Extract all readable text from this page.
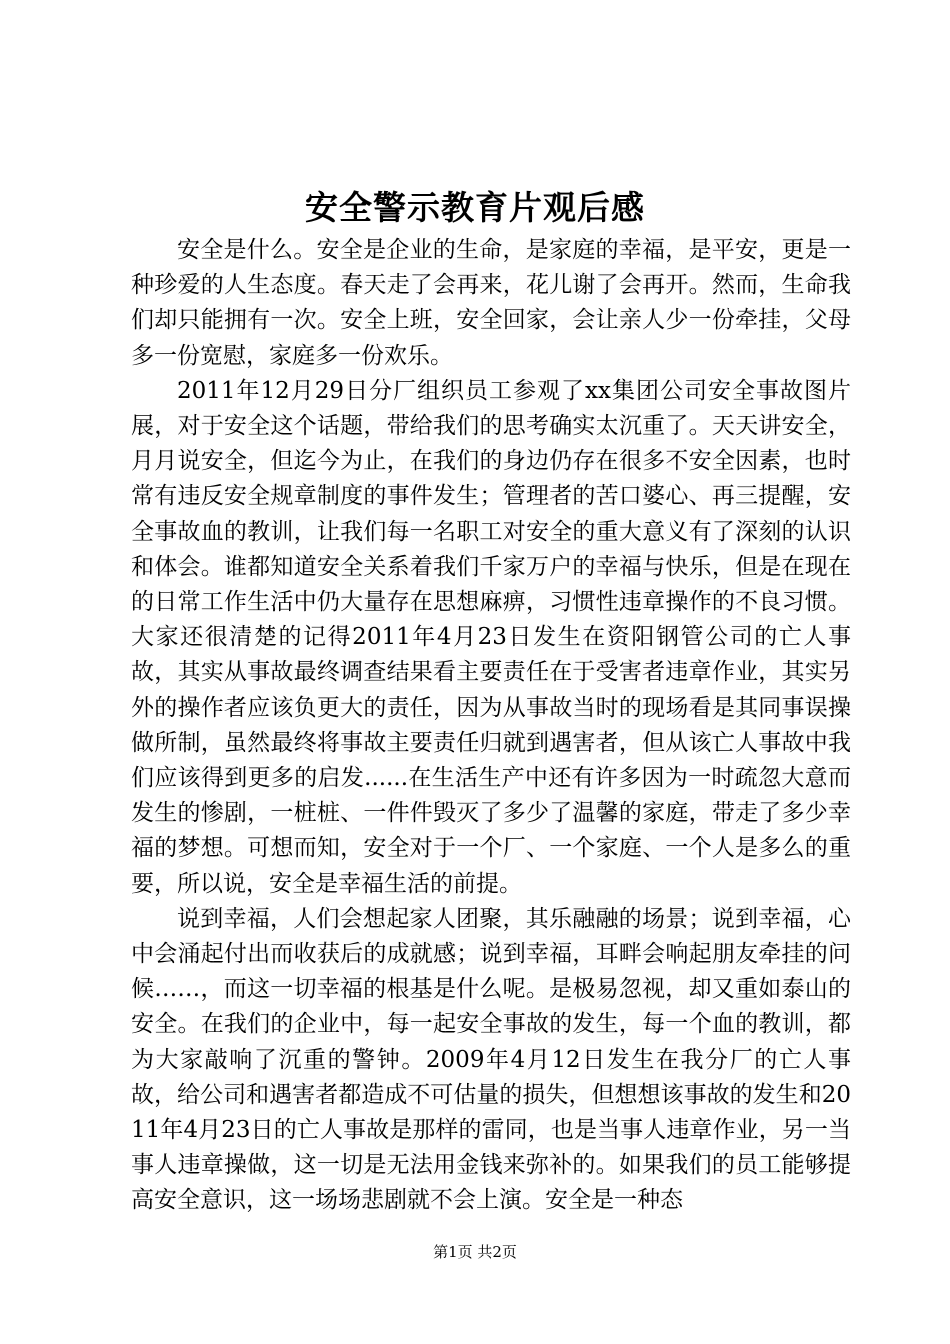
安全警示教育片观后感

安全是什么。安全是企业的生命，是家庭的幸福，是平安，更是一种珍爱的人生态度。春天走了会再来，花儿谢了会再开。然而，生命我们却只能拥有一次。安全上班，安全回家，会让亲人少一份牵挂，父母多一份宽慰，家庭多一份欢乐。

2011年12月29日分厂组织员工参观了xx集团公司安全事故图片展，对于安全这个话题，带给我们的思考确实太沉重了。天天讲安全，月月说安全，但迄今为止，在我们的身边仍存在很多不安全因素，也时常有违反安全规章制度的事件发生；管理者的苦口婆心、再三提醒，安全事故血的教训，让我们每一名职工对安全的重大意义有了深刻的认识和体会。谁都知道安全关系着我们千家万户的幸福与快乐，但是在现在的日常工作生活中仍大量存在思想麻痹，习惯性违章操作的不良习惯。大家还很清楚的记得2011年4月23日发生在资阳钢管公司的亡人事故，其实从事故最终调查结果看主要责任在于受害者违章作业，其实另外的操作者应该负更大的责任，因为从事故当时的现场看是其同事误操做所制，虽然最终将事故主要责任归就到遇害者，但从该亡人事故中我们应该得到更多的启发......在生活生产中还有许多因为一时疏忽大意而发生的惨剧，一桩桩、一件件毁灭了多少了温馨的家庭，带走了多少幸福的梦想。可想而知，安全对于一个厂、一个家庭、一个人是多么的重要，所以说，安全是幸福生活的前提。

说到幸福，人们会想起家人团聚，其乐融融的场景；说到幸福，心中会涌起付出而收获后的成就感；说到幸福，耳畔会响起朋友牵挂的问候……，而这一切幸福的根基是什么呢。是极易忽视，却又重如泰山的安全。在我们的企业中，每一起安全事故的发生，每一个血的教训，都为大家敲响了沉重的警钟。2009年4月12日发生在我分厂的亡人事故，给公司和遇害者都造成不可估量的损失，但想想该事故的发生和2011年4月23日的亡人事故是那样的雷同，也是当事人违章作业，另一当事人违章操做，这一切是无法用金钱来弥补的。如果我们的员工能够提高安全意识，这一场场悲剧就不会上演。安全是一种态

第1页 共2页
